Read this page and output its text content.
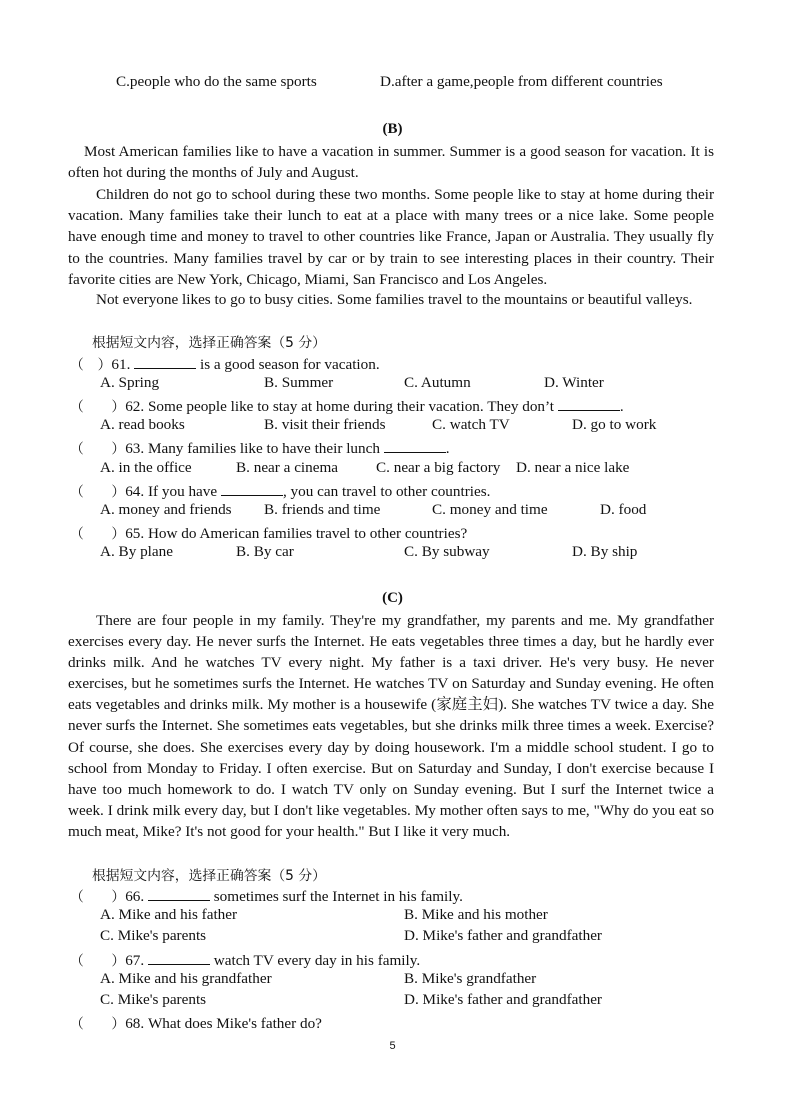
C.people who do the same sports	D.after a game,people from different countries
(B)
Most American families like to have a vacation in summer. Summer is a good season for vacation. It is often hot during the months of July and August.
Children do not go to school during these two months. Some people like to stay at home during their vacation. Many families take their lunch to eat at a place with many trees or a nice lake. Some people have enough time and money to travel to other countries like France, Japan or Australia. They usually fly to the countries. Many families travel by car or by train to see interesting places in their country. Their favorite cities are New York, Chicago, Miami, San Francisco and Los Angeles.
Not everyone likes to go to busy cities. Some families travel to the mountains or beautiful valleys.
根据短文内容，选择正确答案（5 分）
（　）61.	is a good season for vacation.
A. Spring	B. Summer	C. Autumn	D. Winter
（　　）62. Some people like to stay at home during their vacation. They don’t	.
A. read books	B. visit their friends	C. watch TV	D. go to work
（　　）63. Many families like to have their lunch	.
A. in the office	B. near a cinema C. near a big factory D. near a nice lake
（　　）64. If you have	, you can travel to other countries.
A. money and friends B. friends and time	C. money and time	D. food
（　　）65. How do American families travel to other countries?
A. By plane	B. By car	C. By subway	D. By ship
(C)
There are four people in my family. They're my grandfather, my parents and me. My grandfather exercises every day. He never surfs the Internet. He eats vegetables three times a day, but he hardly ever drinks milk. And he watches TV every night. My father is a taxi driver. He's very busy. He never exercises, but he sometimes surfs the Internet. He watches TV on Saturday and Sunday evening. He often eats vegetables and drinks milk. My mother is a housewife (家庭主妇). She watches TV twice a day. She never surfs the Internet. She sometimes eats vegetables, but she drinks milk three times a week. Exercise? Of course, she does. She exercises every day by doing housework. I'm a middle school student. I go to school from Monday to Friday. I often exercise. But on Saturday and Sunday, I don't exercise because I have too much homework to do. I watch TV only on Sunday evening. But I surf the Internet twice a week. I drink milk every day, but I don't like vegetables. My mother often says to me, "Why do you eat so much meat, Mike? It's not good for your health." But I like it very much.
根据短文内容，选择正确答案（5 分）
（　　）66.	sometimes surf the Internet in his family.
A. Mike and his father	B. Mike and his mother
C. Mike's parents	D. Mike's father and grandfather
（　　）67.	watch TV every day in his family.
A. Mike and his grandfather	B. Mike's grandfather
C. Mike's parents	D. Mike's father and grandfather
（　　）68. What does Mike's father do?
5
